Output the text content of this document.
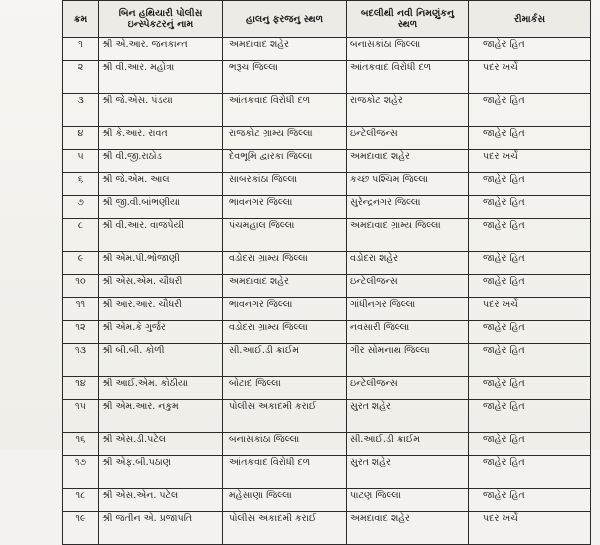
ક્રમ	બિન હથિયારી પોલીસ ઇન્સ્પેકટરનું નામ	હાલનુ ફરજનુ સ્થળ	બદલીથી નવી નિમણુંકનુ સ્થળ	રીમાર્કસ
૧	શ્રી એ.આર. જનકાન્ત	અમદાવાદ શહેર	બનાસકાંઠા જિલ્લા	જાહેર હિત
૨	શ્રી વી.આર. મહોત્રા	ભરૂચ જિલ્લા	આંતકવાદ વિરોધી દળ	પદર ખર્ચે
૩	શ્રી જે.એસ. પંડયા	આંતકવાદ વિરોધી દળ	રાજકોટ શહેર	જાહેર હિત
૪	શ્રી કે.આર. રાવત	રાજકોટ ગ્રામ્ય જિલ્લા	ઇન્ટેલીજન્સ	જાહેર હિત
૫	શ્રી વી.જી.રાઠોડ	દેવભૂમિ દ્વારકા જિલ્લા	અમદાવાદ શહેર	પદર ખર્ચે
૬	શ્રી જે.એમ. આલ	સાબરકાંઠા જિલ્લા	કચ્છ પશ્ચિમ જિલ્લા	જાહેર હિત
૭	શ્રી જી.વી.બાંભણીયા	ભાવનગર જિલ્લા	સુરેન્દ્રનગર જિલ્લા	જાહેર હિત
૮	શ્રી વી.આર. વાજપેયી	પંચમહાલ જિલ્લા	અમદાવાદ ગ્રામ્ય જિલ્લા	જાહેર હિત
૯	શ્રી એમ.પી.ભોજાણી	વડોદરા ગ્રામ્ય જિલ્લા	વડોદરા શહેર	જાહેર હિત
૧૦	શ્રી એસ.એમ. ચૌધરી	અમદાવાદ શહેર	ઇન્ટેલીજન્સ	જાહેર હિત
૧૧	શ્રી આર.આર. ચૌધરી	ભાવનગર જિલ્લા	ગાંધીનગર જિલ્લા	પદર ખર્ચે
૧૨	શ્રી એમ.કે ગુર્જર	વડોદરા ગ્રામ્ય જિલ્લા	નવસારી જિલ્લા	જાહેર હિત
૧૩	શ્રી બી.બી. કોળી	સી.આઈ.ડી ક્રાઈમ	ગીર સોમનાથ જિલ્લા	જાહેર હિત
૧૪	શ્રી આઈ.એમ. કોઠીયા	બોટાદ જિલ્લા	ઇન્ટેલીજન્સ	જાહેર હિત
૧૫	શ્રી એમ.આર. નકુમ	પોલીસ અકાદમી કરાઈ	સુરત શહેર	જાહેર હિત
૧૬	શ્રી એસ.ડી.પટેલ	બનાસકાંઠા જિલ્લા	સી.આઈ.ડી ક્રાઈમ	જાહેર હિત
૧૭	શ્રી એફ.બી.પઠાણ	આંતકવાદ વિરોધી દળ	સુરત શહેર	જાહેર હિત
૧૮	શ્રી એસ.એન. પટેલ	મહેસાણા જિલ્લા	પાટણ જિલ્લા	જાહેર હિત
૧૯	શ્રી જતીન એ. પ્રજાપતિ	પોલીસ અકાદમી કરાઈ	અમદાવાદ શહેર	પદર ખર્ચે
